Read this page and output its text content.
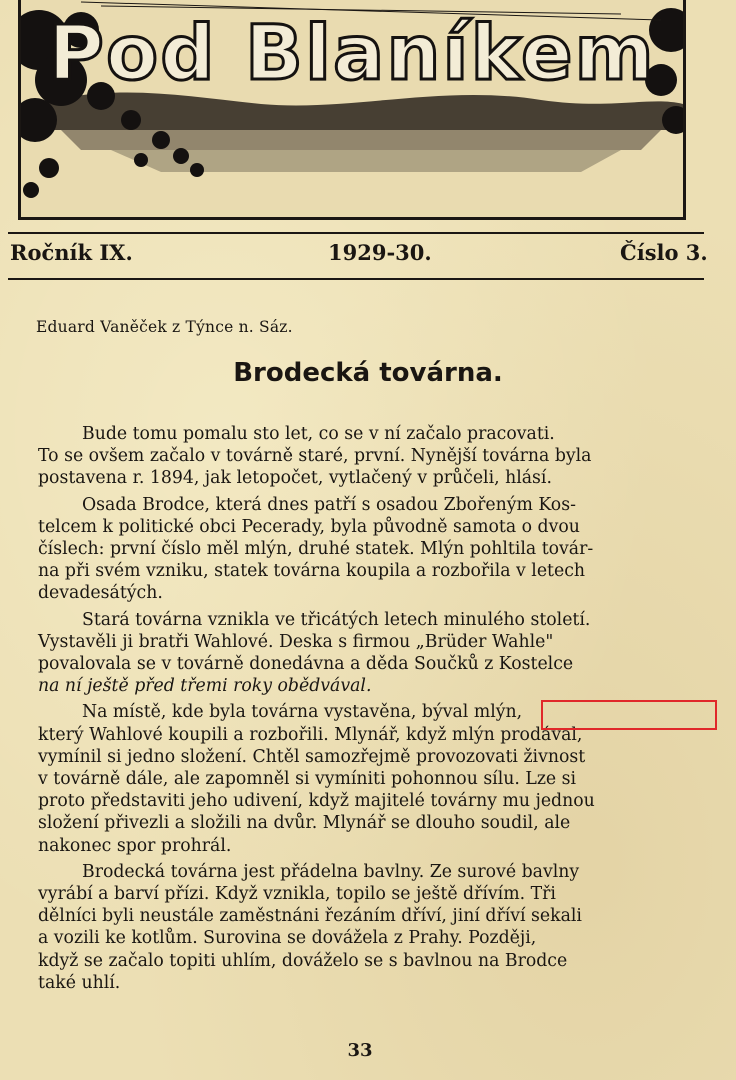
Pod Blaníkem
Ročník IX.	1929-30.	Číslo 3.
Eduard Vaněček z Týnce n. Sáz.
Brodecká továrna.

Bude tomu pomalu sto let, co se v ní začalo pracovati.
To se ovšem začalo v továrně staré, první. Nynější továrna byla
postavena r. 1894, jak letopočet, vytlačený v průčeli, hlásí.

Osada Brodce, která dnes patří s osadou Zbořeným Kos-
telcem k politické obci Pecerady, byla původně samota o dvou
číslech: první číslo měl mlýn, druhé statek. Mlýn pohltila továr-
na při svém vzniku, statek továrna koupila a rozbořila v letech
devadesátých.

Stará továrna vznikla ve třicátých letech minulého století.
Vystavěli ji bratři Wahlové. Deska s firmou „Brüder Wahle"
povalovala se v továrně donedávna a děda Součků z Kostelce
na ní ještě před třemi roky obědvával.

Na místě, kde byla továrna vystavěna, býval mlýn,
který Wahlové koupili a rozbořili. Mlynář, když mlýn prodával,
vymínil si jedno složení. Chtěl samozřejmě provozovati živnost
v továrně dále, ale zapomněl si vymíniti pohonnou sílu. Lze si
proto představiti jeho udivení, když majitelé továrny mu jednou
složení přivezli a složili na dvůr. Mlynář se dlouho soudil, ale
nakonec spor prohrál.

Brodecká továrna jest přádelna bavlny. Ze surové bavlny
vyrábí a barví přízi. Když vznikla, topilo se ještě dřívím. Tři
dělníci byli neustále zaměstnáni řezáním dříví, jiní dříví sekali
a vozili ke kotlům. Surovina se dovážela z Prahy. Později,
když se začalo topiti uhlím, dováželo se s bavlnou na Brodce
také uhlí.

33
